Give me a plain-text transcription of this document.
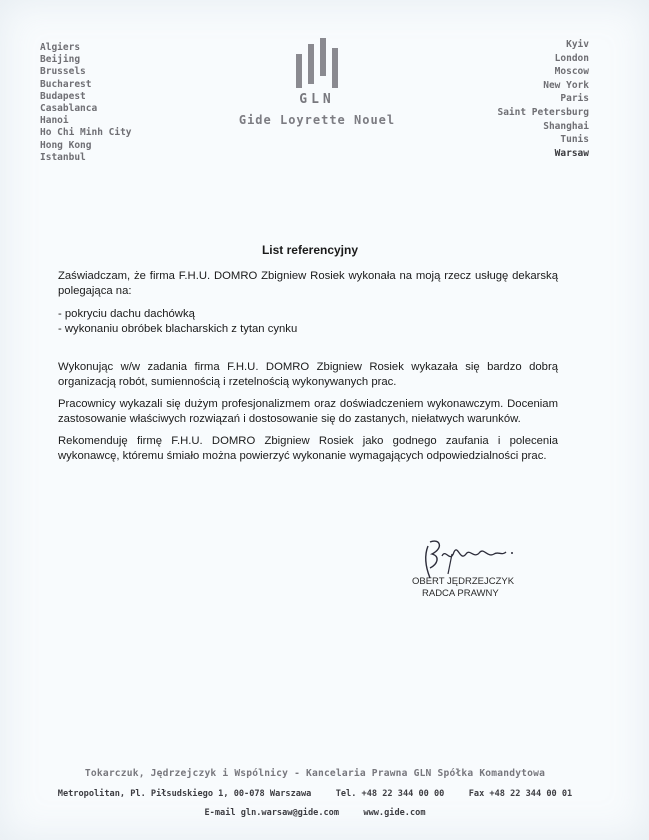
Algiers
Beijing
Brussels
Bucharest
Budapest
Casablanca
Hanoi
Ho Chi Minh City
Hong Kong
Istanbul
GLN
Gide Loyrette Nouel
Kyiv
London
Moscow
New York
Paris
Saint Petersburg
Shanghai
Tunis
Warsaw
List referencyjny

Zaświadczam, że firma F.H.U. DOMRO Zbigniew Rosiek wykonała na moją rzecz usługę dekarską polegająca na:

- pokryciu dachu dachówką

- wykonaniu obróbek blacharskich z tytan cynku

Wykonując w/w zadania firma F.H.U. DOMRO Zbigniew Rosiek wykazała się bardzo dobrą organizacją robót, sumiennością i rzetelnością wykonywanych prac.

Pracownicy wykazali się dużym profesjonalizmem oraz doświadczeniem wykonawczym. Doceniam zastosowanie właściwych rozwiązań i dostosowanie się do zastanych, niełatwych warunków.

Rekomenduję firmę F.H.U. DOMRO Zbigniew Rosiek jako godnego zaufania i polecenia wykonawcę, któremu śmiało można powierzyć wykonanie wymagających odpowiedzialności prac.

OBERT JĘDRZEJCZYK
RADCA PRAWNY
Tokarczuk, Jędrzejczyk i Wspólnicy - Kancelaria Prawna GLN Spółka Komandytowa
Metropolitan, Pl. Piłsudskiego 1, 00-078 Warszawa	Tel. +48 22 344 00 00	Fax +48 22 344 00 01
E-mail gln.warsaw@gide.com	www.gide.com
